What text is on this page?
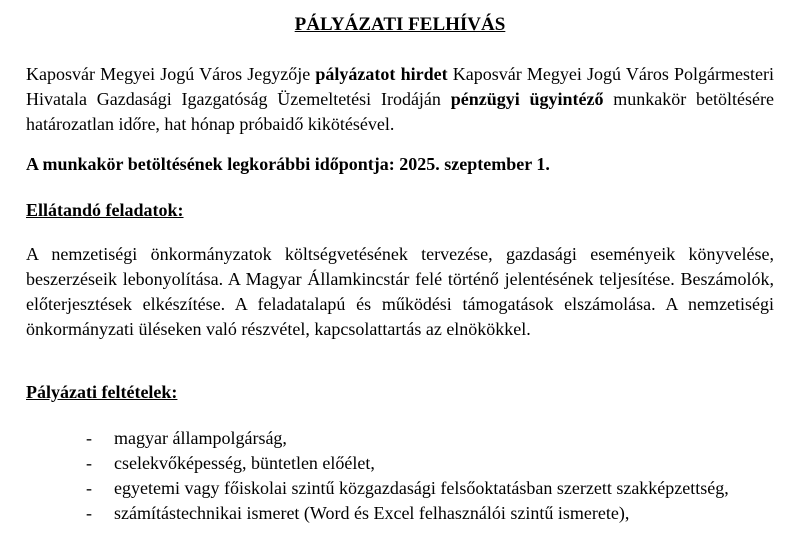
PÁLYÁZATI FELHÍVÁS
Kaposvár Megyei Jogú Város Jegyzője pályázatot hirdet Kaposvár Megyei Jogú Város Polgármesteri Hivatala Gazdasági Igazgatóság Üzemeltetési Irodáján pénzügyi ügyintéző munkakör betöltésére határozatlan időre, hat hónap próbaidő kikötésével.
A munkakör betöltésének legkorábbi időpontja: 2025. szeptember 1.
Ellátandó feladatok:
A nemzetiségi önkormányzatok költségvetésének tervezése, gazdasági eseményeik könyvelése, beszerzéseik lebonyolítása. A Magyar Államkincstár felé történő jelentésének teljesítése. Beszámolók, előterjesztések elkészítése. A feladatalapú és működési támogatások elszámolása. A nemzetiségi önkormányzati üléseken való részvétel, kapcsolattartás az elnökökkel.
Pályázati feltételek:
- magyar állampolgárság,
- cselekvőképesség, büntetlen előélet,
- egyetemi vagy főiskolai szintű közgazdasági felsőoktatásban szerzett szakképzettség,
- számítástechnikai ismeret (Word és Excel felhasználói szintű ismerete),
